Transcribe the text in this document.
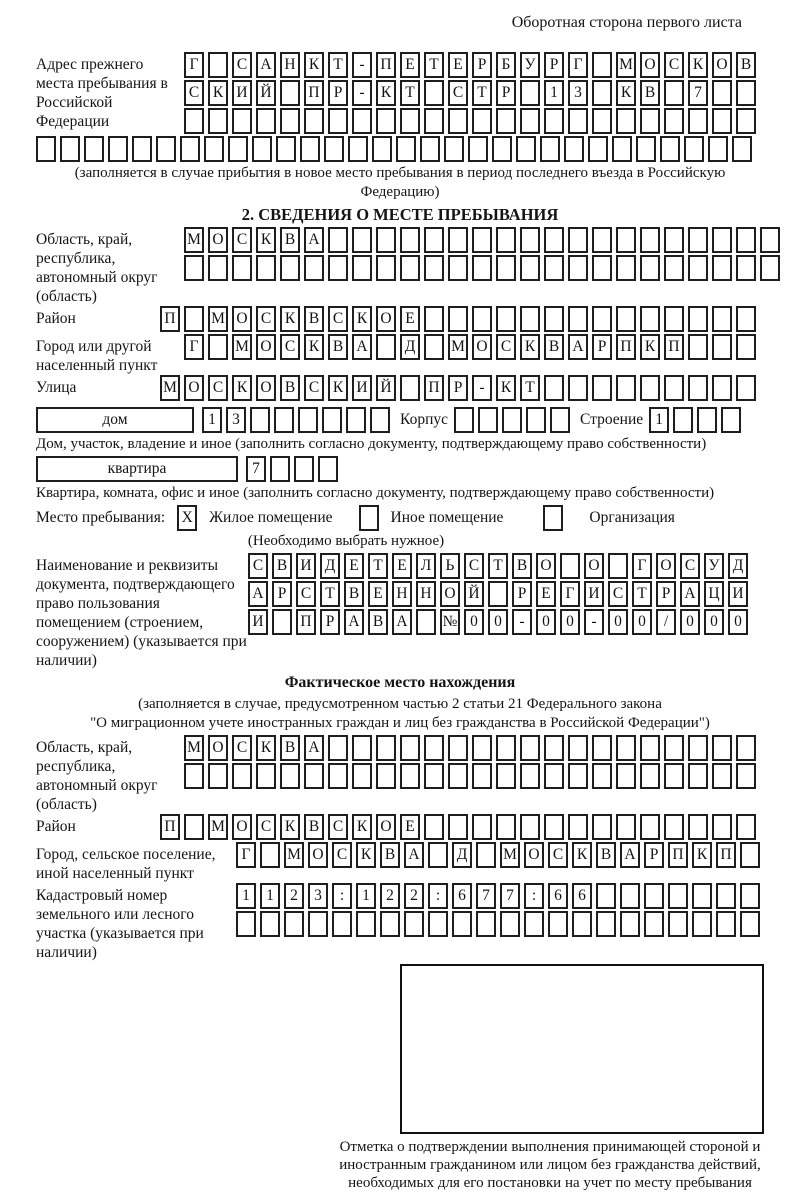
Оборотная сторона первого листа
Адрес прежнего места пребывания в Российской Федерации
Г	С А Н К Т	-	П Е Т Е Р Б У Р Г	М О С К О В
С К И Й П Р	-	К Т	С Т Р	1	3	К В	7
(заполняется в случае прибытия в новое место пребывания в период последнего въезда в Российскую Федерацию)
2. СВЕДЕНИЯ О МЕСТЕ ПРЕБЫВАНИЯ
Область, край, республика, автономный округ (область)
М О С К В А
Район	П М О С К В С К О Е
Город или другой населенный пункт
Г	М О С К В А	Д	М О С К В А Р П К П
Улица	М О С К О В С К И Й П Р	-	К Т
дом	1	3	Корпус	Строение 1
Дом, участок, владение и иное (заполнить согласно документу, подтверждающему право собственности)
квартира	7
Квартира, комната, офис и иное (заполнить согласно документу, подтверждающему право собственности)
Место пребывания: X Жилое помещение	Иное помещение	Организация
(Необходимо выбрать нужное)
Наименование и реквизиты документа, подтверждающего право пользования помещением (строением, сооружением) (указывается при наличии)
С В И Д Е Т Е Л Ь С Т В О О	Г О С У Д
А Р С Т В Е Н Н О Й	Р Е Г И С Т Р А Ц И
И П Р А В А № 0	0	-	0	0	-	0	0	/	0	0	0
Фактическое место нахождения
(заполняется в случае, предусмотренном частью 2 статьи 21 Федерального закона
"О миграционном учете иностранных граждан и лиц без гражданства в Российской Федерации")
Область, край, республика, автономный округ (область)
М О С К В А
Район	П М О С К В С К О Е
Город, сельское поселение, иной населенный пункт
Г	М О С К В А	Д	М О С К В А Р П К П
Кадастровый номер земельного или лесного участка (указывается при наличии)
1	1	2	3	:	1	2	2	:	6	7	7	:	6	6
Отметка о подтверждении выполнения принимающей стороной и иностранным гражданином или лицом без гражданства действий, необходимых для его постановки на учет по месту пребывания
